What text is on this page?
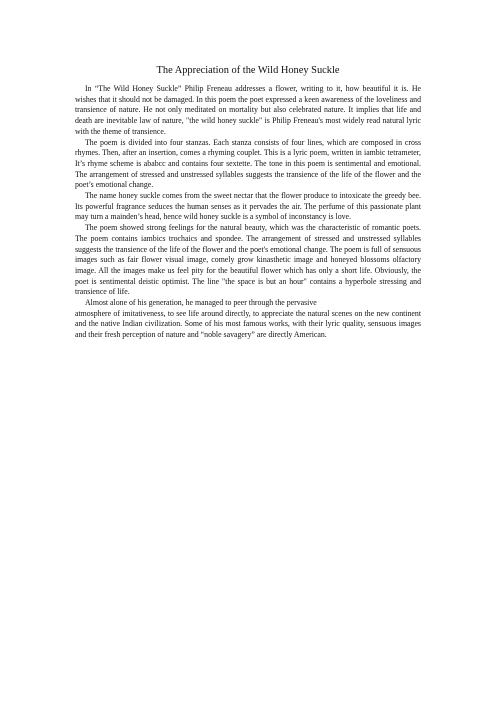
The Appreciation of the Wild Honey Suckle

In “The Wild Honey Suckle” Philip Freneau addresses a flower, writing to it, how beautiful it is. He wishes that it should not be damaged. In this poem the poet expressed a keen awareness of the loveliness and transience of nature. He not only meditated on mortality but also celebrated nature. It implies that life and death are inevitable law of nature, "the wild honey suckle" is Philip Freneau's most widely read natural lyric with the theme of transience.

The poem is divided into four stanzas. Each stanza consists of four lines, which are composed in cross rhymes. Then, after an insertion, comes a rhyming couplet. This is a lyric poem, written in iambic tetrameter, It’s rhyme scheme is ababcc and contains four sextette. The tone in this poem is sentimental and emotional. The arrangement of stressed and unstressed syllables suggests the transience of the life of the flower and the poet’s emotional change.

The name honey suckle comes from the sweet nectar that the flower produce to intoxicate the greedy bee. Its powerful fragrance seduces the human senses as it pervades the air. The perfume of this passionate plant may turn a mainden’s head, hence wild honey suckle is a symbol of inconstancy is love.

The poem showed strong feelings for the natural beauty, which was the characteristic of romantic poets. The poem contains iambics trochaics and spondee. The arrangement of stressed and unstressed syllables suggests the transience of the life of the flower and the poet's emotional change. The poem is full of sensuous images such as fair flower visual image, comely grow kinasthetic image and honeyed blossoms olfactory image. All the images make us feel pity for the beautiful flower which has only a short life. Obviously, the poet is sentimental deistic optimist. The line "the space is but an hour" contains a hyperbole stressing and transience of life.

Almost alone of his generation, he managed to peer through the pervasive

atmosphere of imitativeness, to see life around directly, to appreciate the natural scenes on the new continent and the native Indian civilization. Some of his most famous works, with their lyric quality, sensuous images and their fresh perception of nature and “noble savagery” are directly American.
